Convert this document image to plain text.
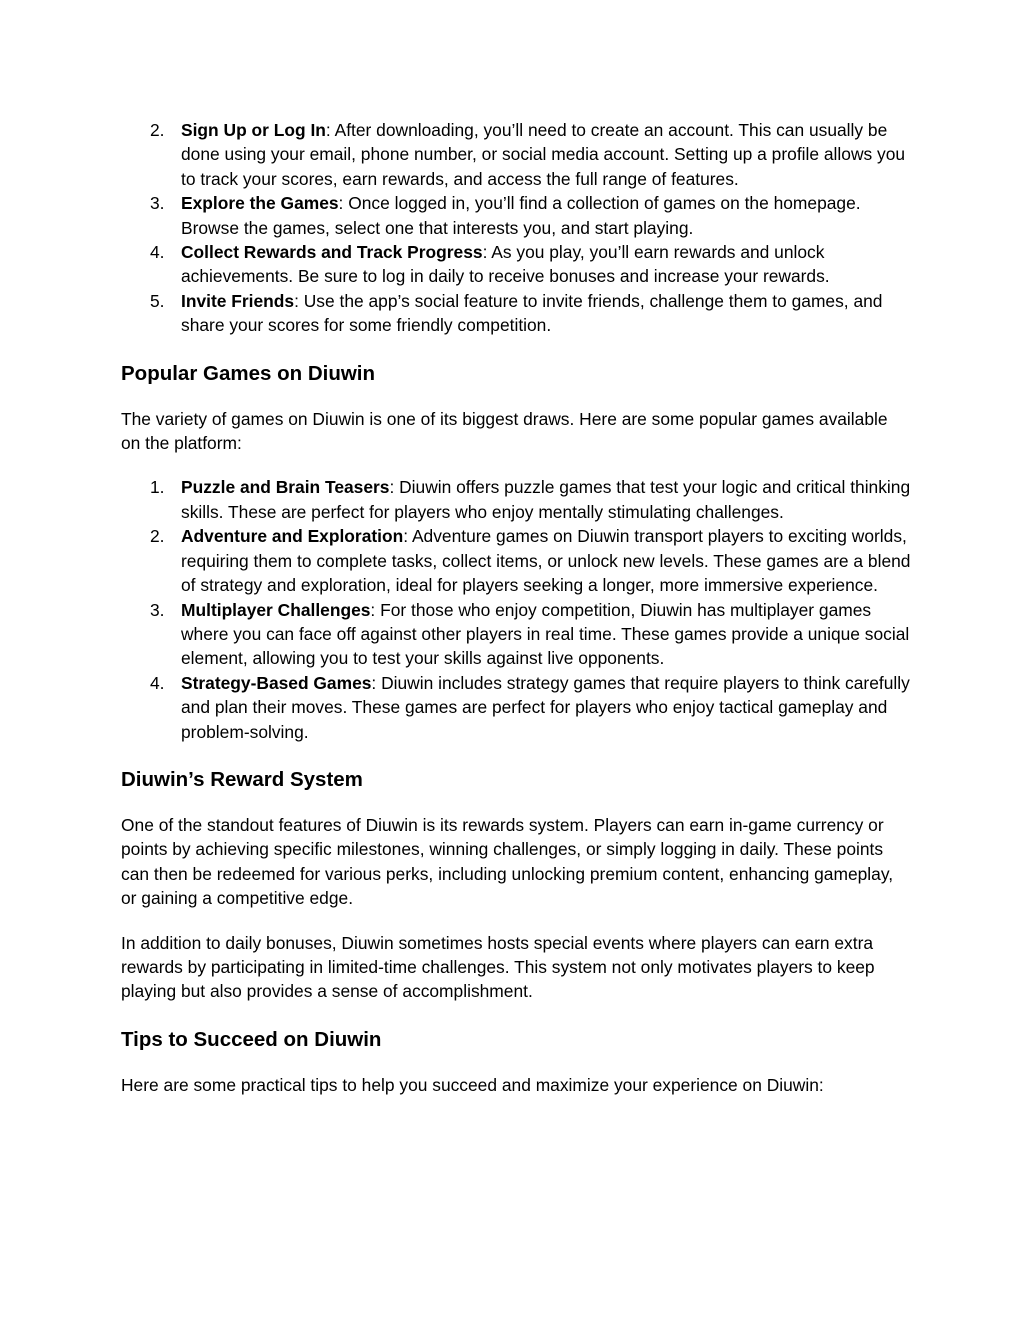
2. Sign Up or Log In: After downloading, you’ll need to create an account. This can usually be done using your email, phone number, or social media account. Setting up a profile allows you to track your scores, earn rewards, and access the full range of features.
3. Explore the Games: Once logged in, you’ll find a collection of games on the homepage. Browse the games, select one that interests you, and start playing.
4. Collect Rewards and Track Progress: As you play, you’ll earn rewards and unlock achievements. Be sure to log in daily to receive bonuses and increase your rewards.
5. Invite Friends: Use the app’s social feature to invite friends, challenge them to games, and share your scores for some friendly competition.
Popular Games on Diuwin

The variety of games on Diuwin is one of its biggest draws. Here are some popular games available on the platform:

1. Puzzle and Brain Teasers: Diuwin offers puzzle games that test your logic and critical thinking skills. These are perfect for players who enjoy mentally stimulating challenges.
2. Adventure and Exploration: Adventure games on Diuwin transport players to exciting worlds, requiring them to complete tasks, collect items, or unlock new levels. These games are a blend of strategy and exploration, ideal for players seeking a longer, more immersive experience.
3. Multiplayer Challenges: For those who enjoy competition, Diuwin has multiplayer games where you can face off against other players in real time. These games provide a unique social element, allowing you to test your skills against live opponents.
4. Strategy-Based Games: Diuwin includes strategy games that require players to think carefully and plan their moves. These games are perfect for players who enjoy tactical gameplay and problem-solving.
Diuwin’s Reward System

One of the standout features of Diuwin is its rewards system. Players can earn in-game currency or points by achieving specific milestones, winning challenges, or simply logging in daily. These points can then be redeemed for various perks, including unlocking premium content, enhancing gameplay, or gaining a competitive edge.

In addition to daily bonuses, Diuwin sometimes hosts special events where players can earn extra rewards by participating in limited-time challenges. This system not only motivates players to keep playing but also provides a sense of accomplishment.

Tips to Succeed on Diuwin

Here are some practical tips to help you succeed and maximize your experience on Diuwin:
